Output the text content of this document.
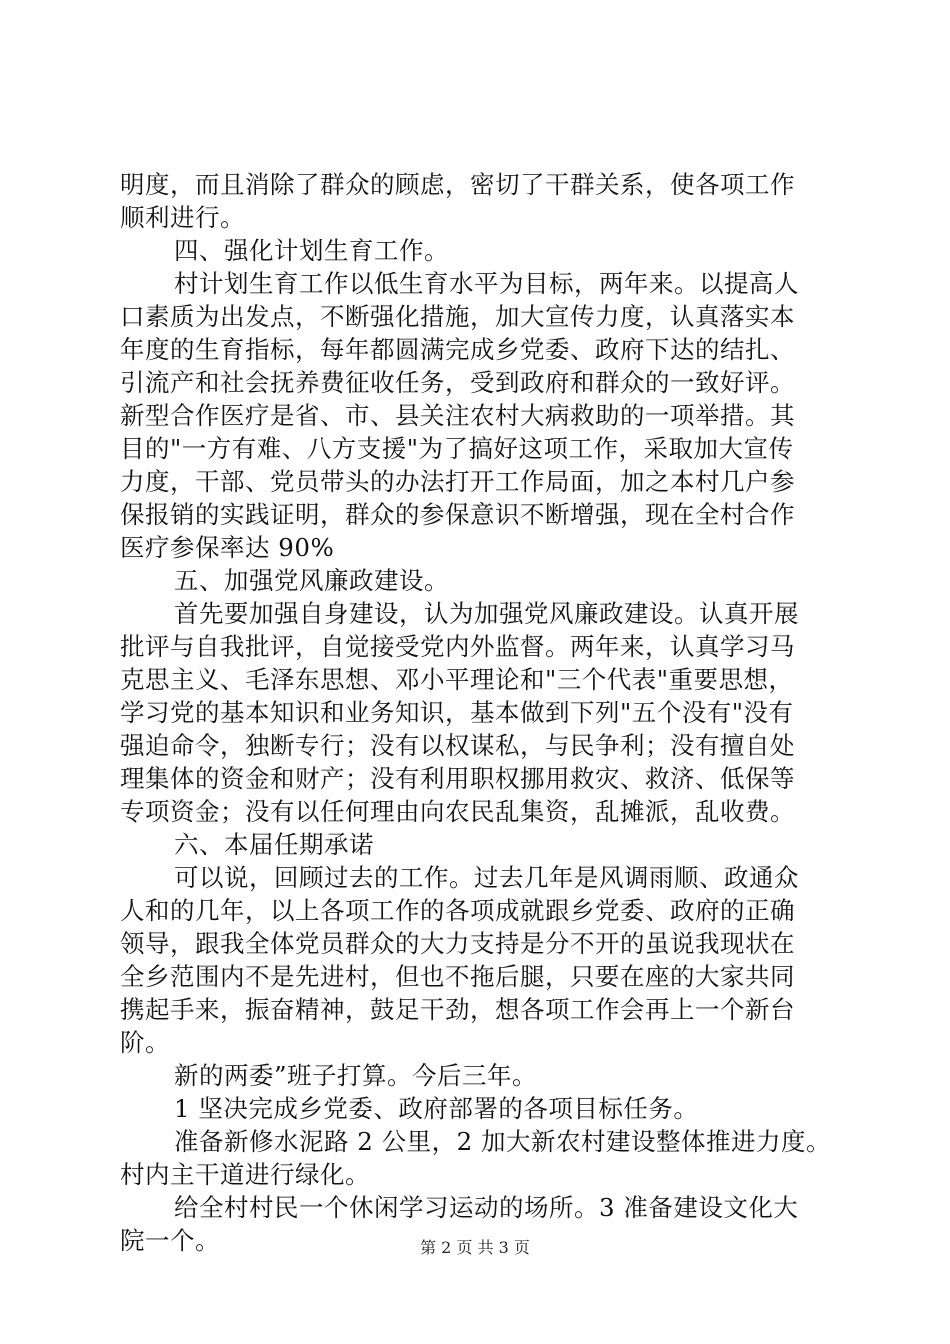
明度，而且消除了群众的顾虑，密切了干群关系，使各项工作
顺利进行。
四、强化计划生育工作。
村计划生育工作以低生育水平为目标，两年来。以提高人
口素质为出发点，不断强化措施，加大宣传力度，认真落实本
年度的生育指标，每年都圆满完成乡党委、政府下达的结扎、
引流产和社会抚养费征收任务，受到政府和群众的一致好评。
新型合作医疗是省、市、县关注农村大病救助的一项举措。其
目的"一方有难、八方支援"为了搞好这项工作，采取加大宣传
力度，干部、党员带头的办法打开工作局面，加之本村几户参
保报销的实践证明，群众的参保意识不断增强，现在全村合作
医疗参保率达 90%
五、加强党风廉政建设。
首先要加强自身建设，认为加强党风廉政建设。认真开展
批评与自我批评，自觉接受党内外监督。两年来，认真学习马
克思主义、毛泽东思想、邓小平理论和"三个代表"重要思想，
学习党的基本知识和业务知识，基本做到下列"五个没有"没有
强迫命令，独断专行；没有以权谋私，与民争利；没有擅自处
理集体的资金和财产；没有利用职权挪用救灾、救济、低保等
专项资金；没有以任何理由向农民乱集资，乱摊派，乱收费。
六、本届任期承诺
可以说，回顾过去的工作。过去几年是风调雨顺、政通众
人和的几年，以上各项工作的各项成就跟乡党委、政府的正确
领导，跟我全体党员群众的大力支持是分不开的虽说我现状在
全乡范围内不是先进村，但也不拖后腿，只要在座的大家共同
携起手来，振奋精神，鼓足干劲，想各项工作会再上一个新台
阶。
新的两委”班子打算。今后三年。
1 坚决完成乡党委、政府部署的各项目标任务。
准备新修水泥路 2 公里，2 加大新农村建设整体推进力度。
村内主干道进行绿化。
给全村村民一个休闲学习运动的场所。3 准备建设文化大
院一个。	第 2 页 共 3 页
